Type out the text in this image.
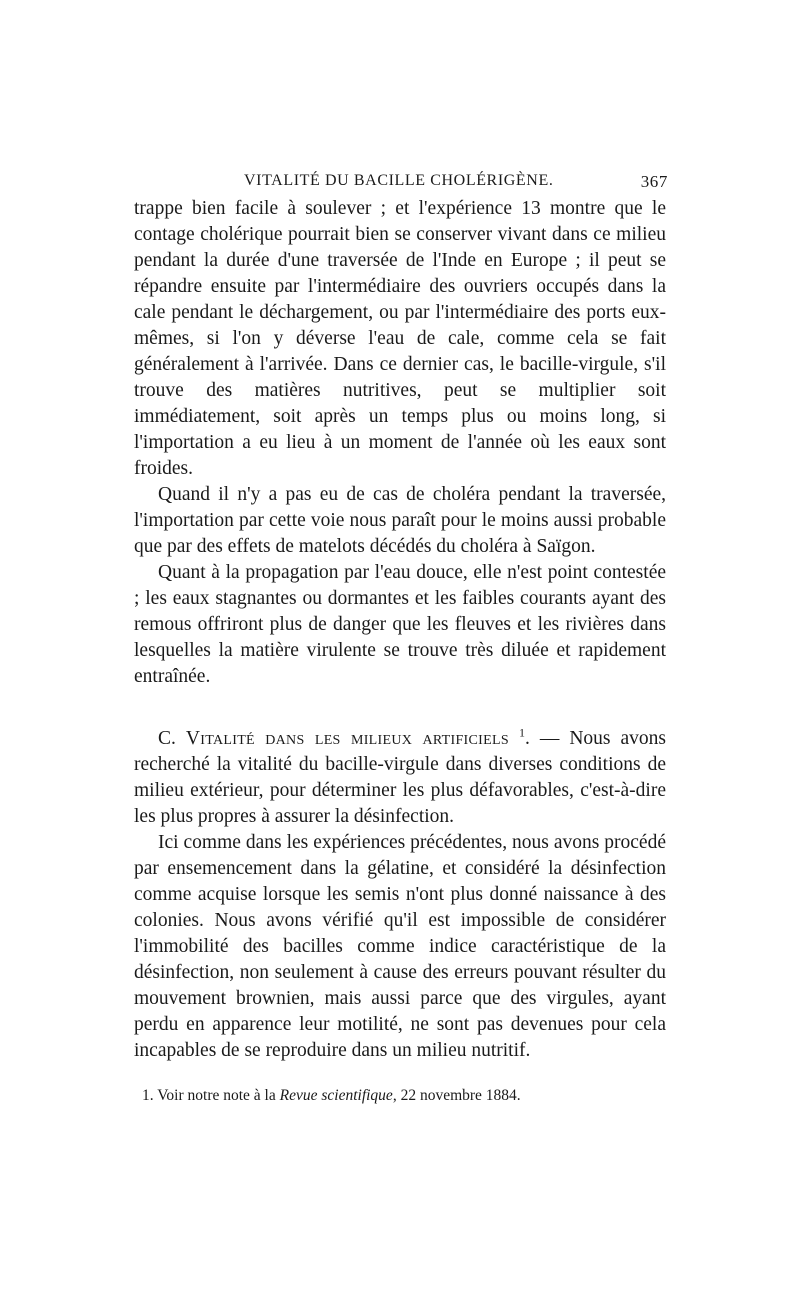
VITALITÉ DU BACILLE CHOLÉRIGÈNE.	367

trappe bien facile à soulever ; et l'expérience 13 montre que le contage cholérique pourrait bien se conserver vivant dans ce milieu pendant la durée d'une traversée de l'Inde en Europe ; il peut se répandre ensuite par l'intermédiaire des ouvriers occupés dans la cale pendant le déchargement, ou par l'intermédiaire des ports eux-mêmes, si l'on y déverse l'eau de cale, comme cela se fait généralement à l'arrivée. Dans ce dernier cas, le bacille-virgule, s'il trouve des matières nutritives, peut se multiplier soit immédiatement, soit après un temps plus ou moins long, si l'importation a eu lieu à un moment de l'année où les eaux sont froides.

Quand il n'y a pas eu de cas de choléra pendant la traversée, l'importation par cette voie nous paraît pour le moins aussi probable que par des effets de matelots décédés du choléra à Saïgon.

Quant à la propagation par l'eau douce, elle n'est point contestée ; les eaux stagnantes ou dormantes et les faibles courants ayant des remous offriront plus de danger que les fleuves et les rivières dans lesquelles la matière virulente se trouve très diluée et rapidement entraînée.

C. Vitalité dans les milieux artificiels $^1$. — Nous avons recherché la vitalité du bacille-virgule dans diverses conditions de milieu extérieur, pour déterminer les plus défavorables, c'est-à-dire les plus propres à assurer la désinfection.

Ici comme dans les expériences précédentes, nous avons procédé par ensemencement dans la gélatine, et considéré la désinfection comme acquise lorsque les semis n'ont plus donné naissance à des colonies. Nous avons vérifié qu'il est impossible de considérer l'immobilité des bacilles comme indice caractéristique de la désinfection, non seulement à cause des erreurs pouvant résulter du mouvement brownien, mais aussi parce que des virgules, ayant perdu en apparence leur motilité, ne sont pas devenues pour cela incapables de se reproduire dans un milieu nutritif.

1. Voir notre note à la Revue scientifique, 22 novembre 1884.
